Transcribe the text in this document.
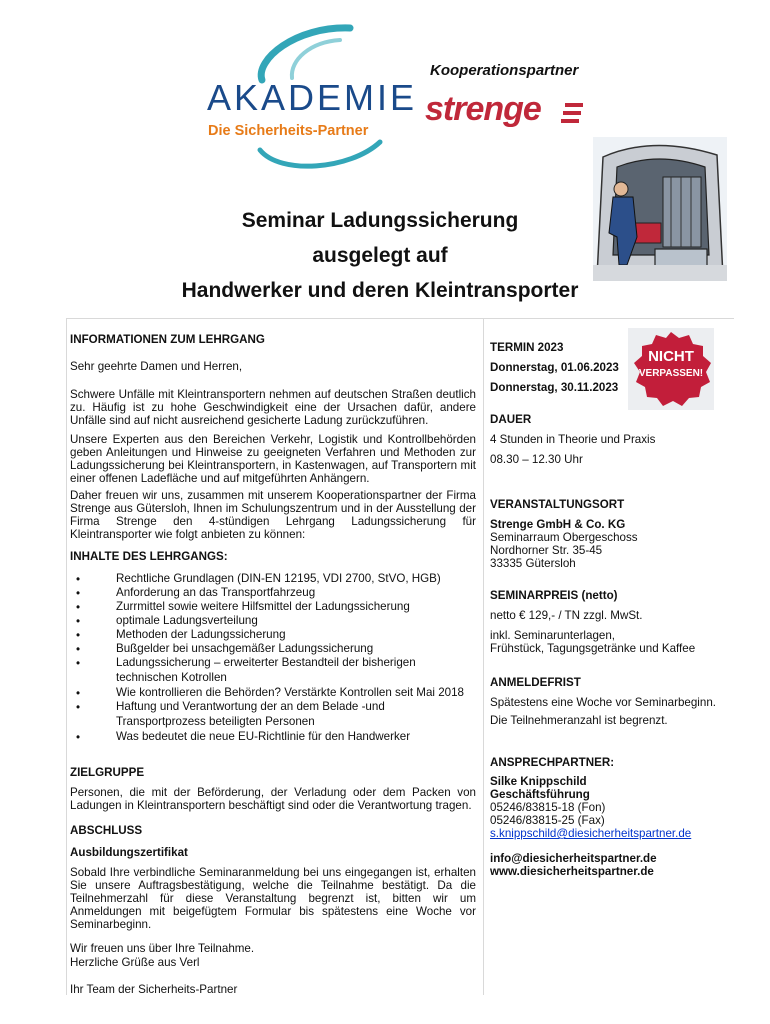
AKADEMIE
Die Sicherheits-Partner
Kooperationspartner
strenge
Seminar Ladungssicherung
ausgelegt auf
Handwerker und deren Kleintransporter
INFORMATIONEN ZUM LEHRGANG
Sehr geehrte Damen und Herren,
Schwere Unfälle mit Kleintransportern nehmen auf deutschen Straßen deutlich zu. Häufig ist zu hohe Geschwindigkeit eine der Ursachen dafür, andere Unfälle sind auf nicht ausreichend gesicherte Ladung zurückzuführen.
Unsere Experten aus den Bereichen Verkehr, Logistik und Kontrollbehörden geben Anleitungen und Hinweise zu geeigneten Verfahren und Methoden zur Ladungssicherung bei Kleintransportern, in Kastenwagen, auf Transportern mit einer offenen Ladefläche und auf mitgeführten Anhängern.
Daher freuen wir uns, zusammen mit unserem Kooperationspartner der Firma Strenge aus Gütersloh, Ihnen im Schulungszentrum und in der Ausstellung der Firma Strenge den 4-stündigen Lehrgang Ladungssicherung für Kleintransporter wie folgt anbieten zu können:
INHALTE DES LEHRGANGS:
•	Rechtliche Grundlagen (DIN-EN 12195, VDI 2700, StVO, HGB)
•	Anforderung an das Transportfahrzeug
•	Zurrmittel sowie weitere Hilfsmittel der Ladungssicherung
•	optimale Ladungsverteilung
•	Methoden der Ladungssicherung
•	Bußgelder bei unsachgemäßer Ladungssicherung
•	Ladungssicherung – erweiterter Bestandteil der bisherigen
technischen Kotrollen
•	Wie kontrollieren die Behörden? Verstärkte Kontrollen seit Mai 2018
•	Haftung und Verantwortung der an dem Belade -und
Transportprozess beteiligten Personen
•	Was bedeutet die neue EU-Richtlinie für den Handwerker
ZIELGRUPPE
Personen, die mit der Beförderung, der Verladung oder dem Packen von Ladungen in Kleintransportern beschäftigt sind oder die Verantwortung tragen.
ABSCHLUSS
Ausbildungszertifikat
Sobald Ihre verbindliche Seminaranmeldung bei uns eingegangen ist, erhalten Sie unsere Auftragsbestätigung, welche die Teilnahme bestätigt. Da die Teilnehmerzahl für diese Veranstaltung begrenzt ist, bitten wir um Anmeldungen mit beigefügtem Formular bis spätestens eine Woche vor Seminarbeginn.
Wir freuen uns über Ihre Teilnahme.
Herzliche Grüße aus Verl
Ihr Team der Sicherheits-Partner
TERMIN 2023
Donnerstag, 01.06.2023
Donnerstag, 30.11.2023
NICHT
VERPASSEN!
DAUER
4 Stunden in Theorie und Praxis
08.30 – 12.30 Uhr
VERANSTALTUNGSORT
Strenge GmbH & Co. KG
Seminarraum Obergeschoss
Nordhorner Str. 35-45
33335 Gütersloh
SEMINARPREIS (netto)
netto € 129,- / TN zzgl. MwSt.
inkl. Seminarunterlagen,
Frühstück, Tagungsgetränke und Kaffee
ANMELDEFRIST
Spätestens eine Woche vor Seminarbeginn.
Die Teilnehmeranzahl ist begrenzt.
ANSPRECHPARTNER:
Silke Knippschild
Geschäftsführung
05246/83815-18 (Fon)
05246/83815-25 (Fax)
s.knippschild@diesicherheitspartner.de
info@diesicherheitspartner.de
www.diesicherheitspartner.de
